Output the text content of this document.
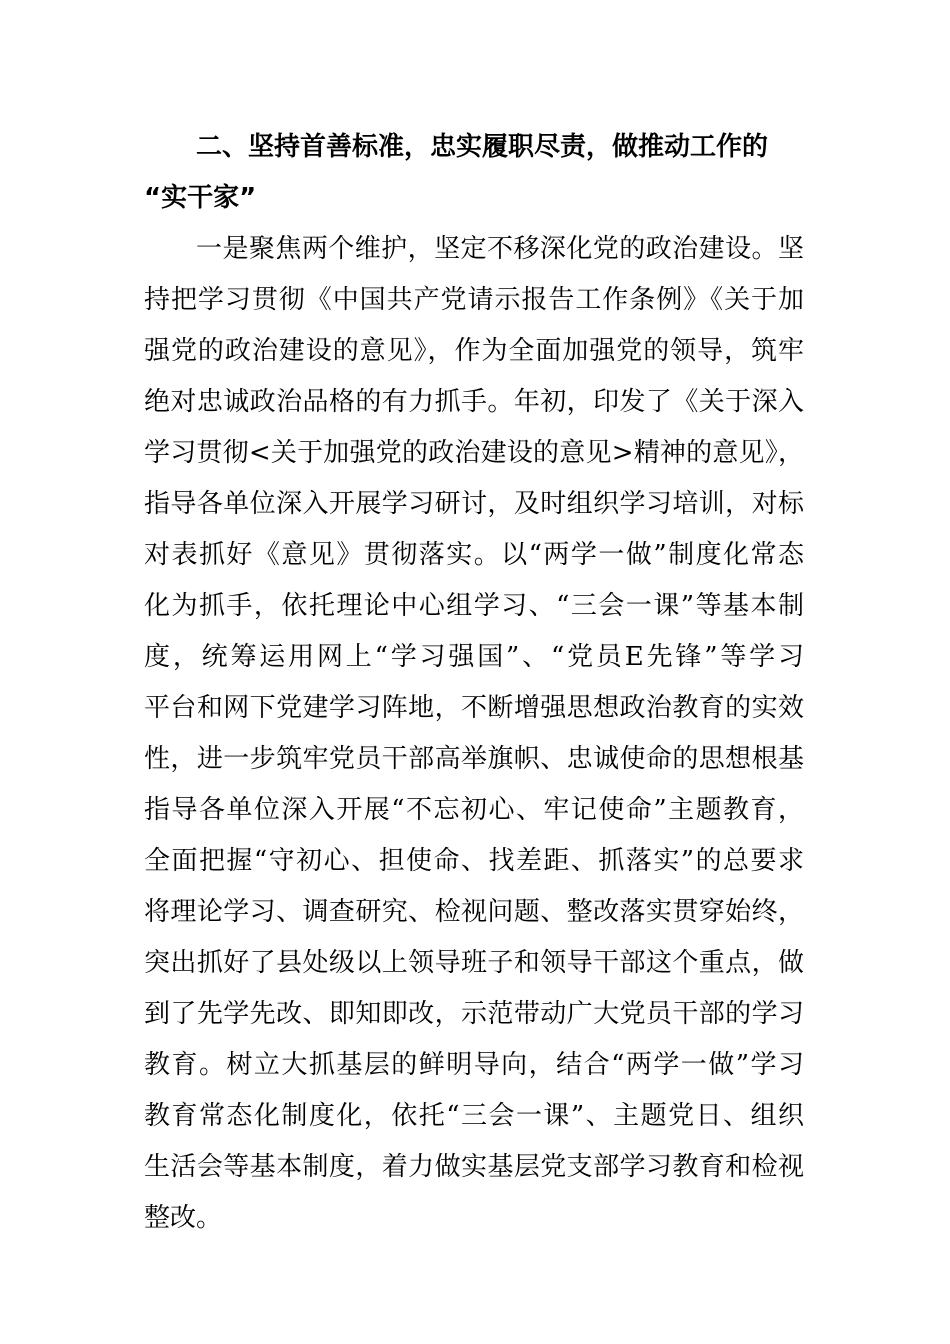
二、坚持首善标准，忠实履职尽责，做推动工作的

“实干家”

一是聚焦两个维护，坚定不移深化党的政治建设。坚

持把学习贯彻《中国共产党请示报告工作条例》《关于加

强党的政治建设的意见》，作为全面加强党的领导，筑牢

绝对忠诚政治品格的有力抓手。年初，印发了《关于深入

学习贯彻<关于加强党的政治建设的意见>精神的意见》，

指导各单位深入开展学习研讨，及时组织学习培训，对标

对表抓好《意见》贯彻落实。以“两学一做”制度化常态

化为抓手，依托理论中心组学习、“三会一课”等基本制

度，统筹运用网上“学习强国”、“党员E先锋”等学习

平台和网下党建学习阵地，不断增强思想政治教育的实效

性，进一步筑牢党员干部高举旗帜、忠诚使命的思想根基

指导各单位深入开展“不忘初心、牢记使命”主题教育，

全面把握“守初心、担使命、找差距、抓落实”的总要求

将理论学习、调查研究、检视问题、整改落实贯穿始终，

突出抓好了县处级以上领导班子和领导干部这个重点，做

到了先学先改、即知即改，示范带动广大党员干部的学习

教育。树立大抓基层的鲜明导向，结合“两学一做”学习

教育常态化制度化，依托“三会一课”、主题党日、组织

生活会等基本制度，着力做实基层党支部学习教育和检视

整改。
